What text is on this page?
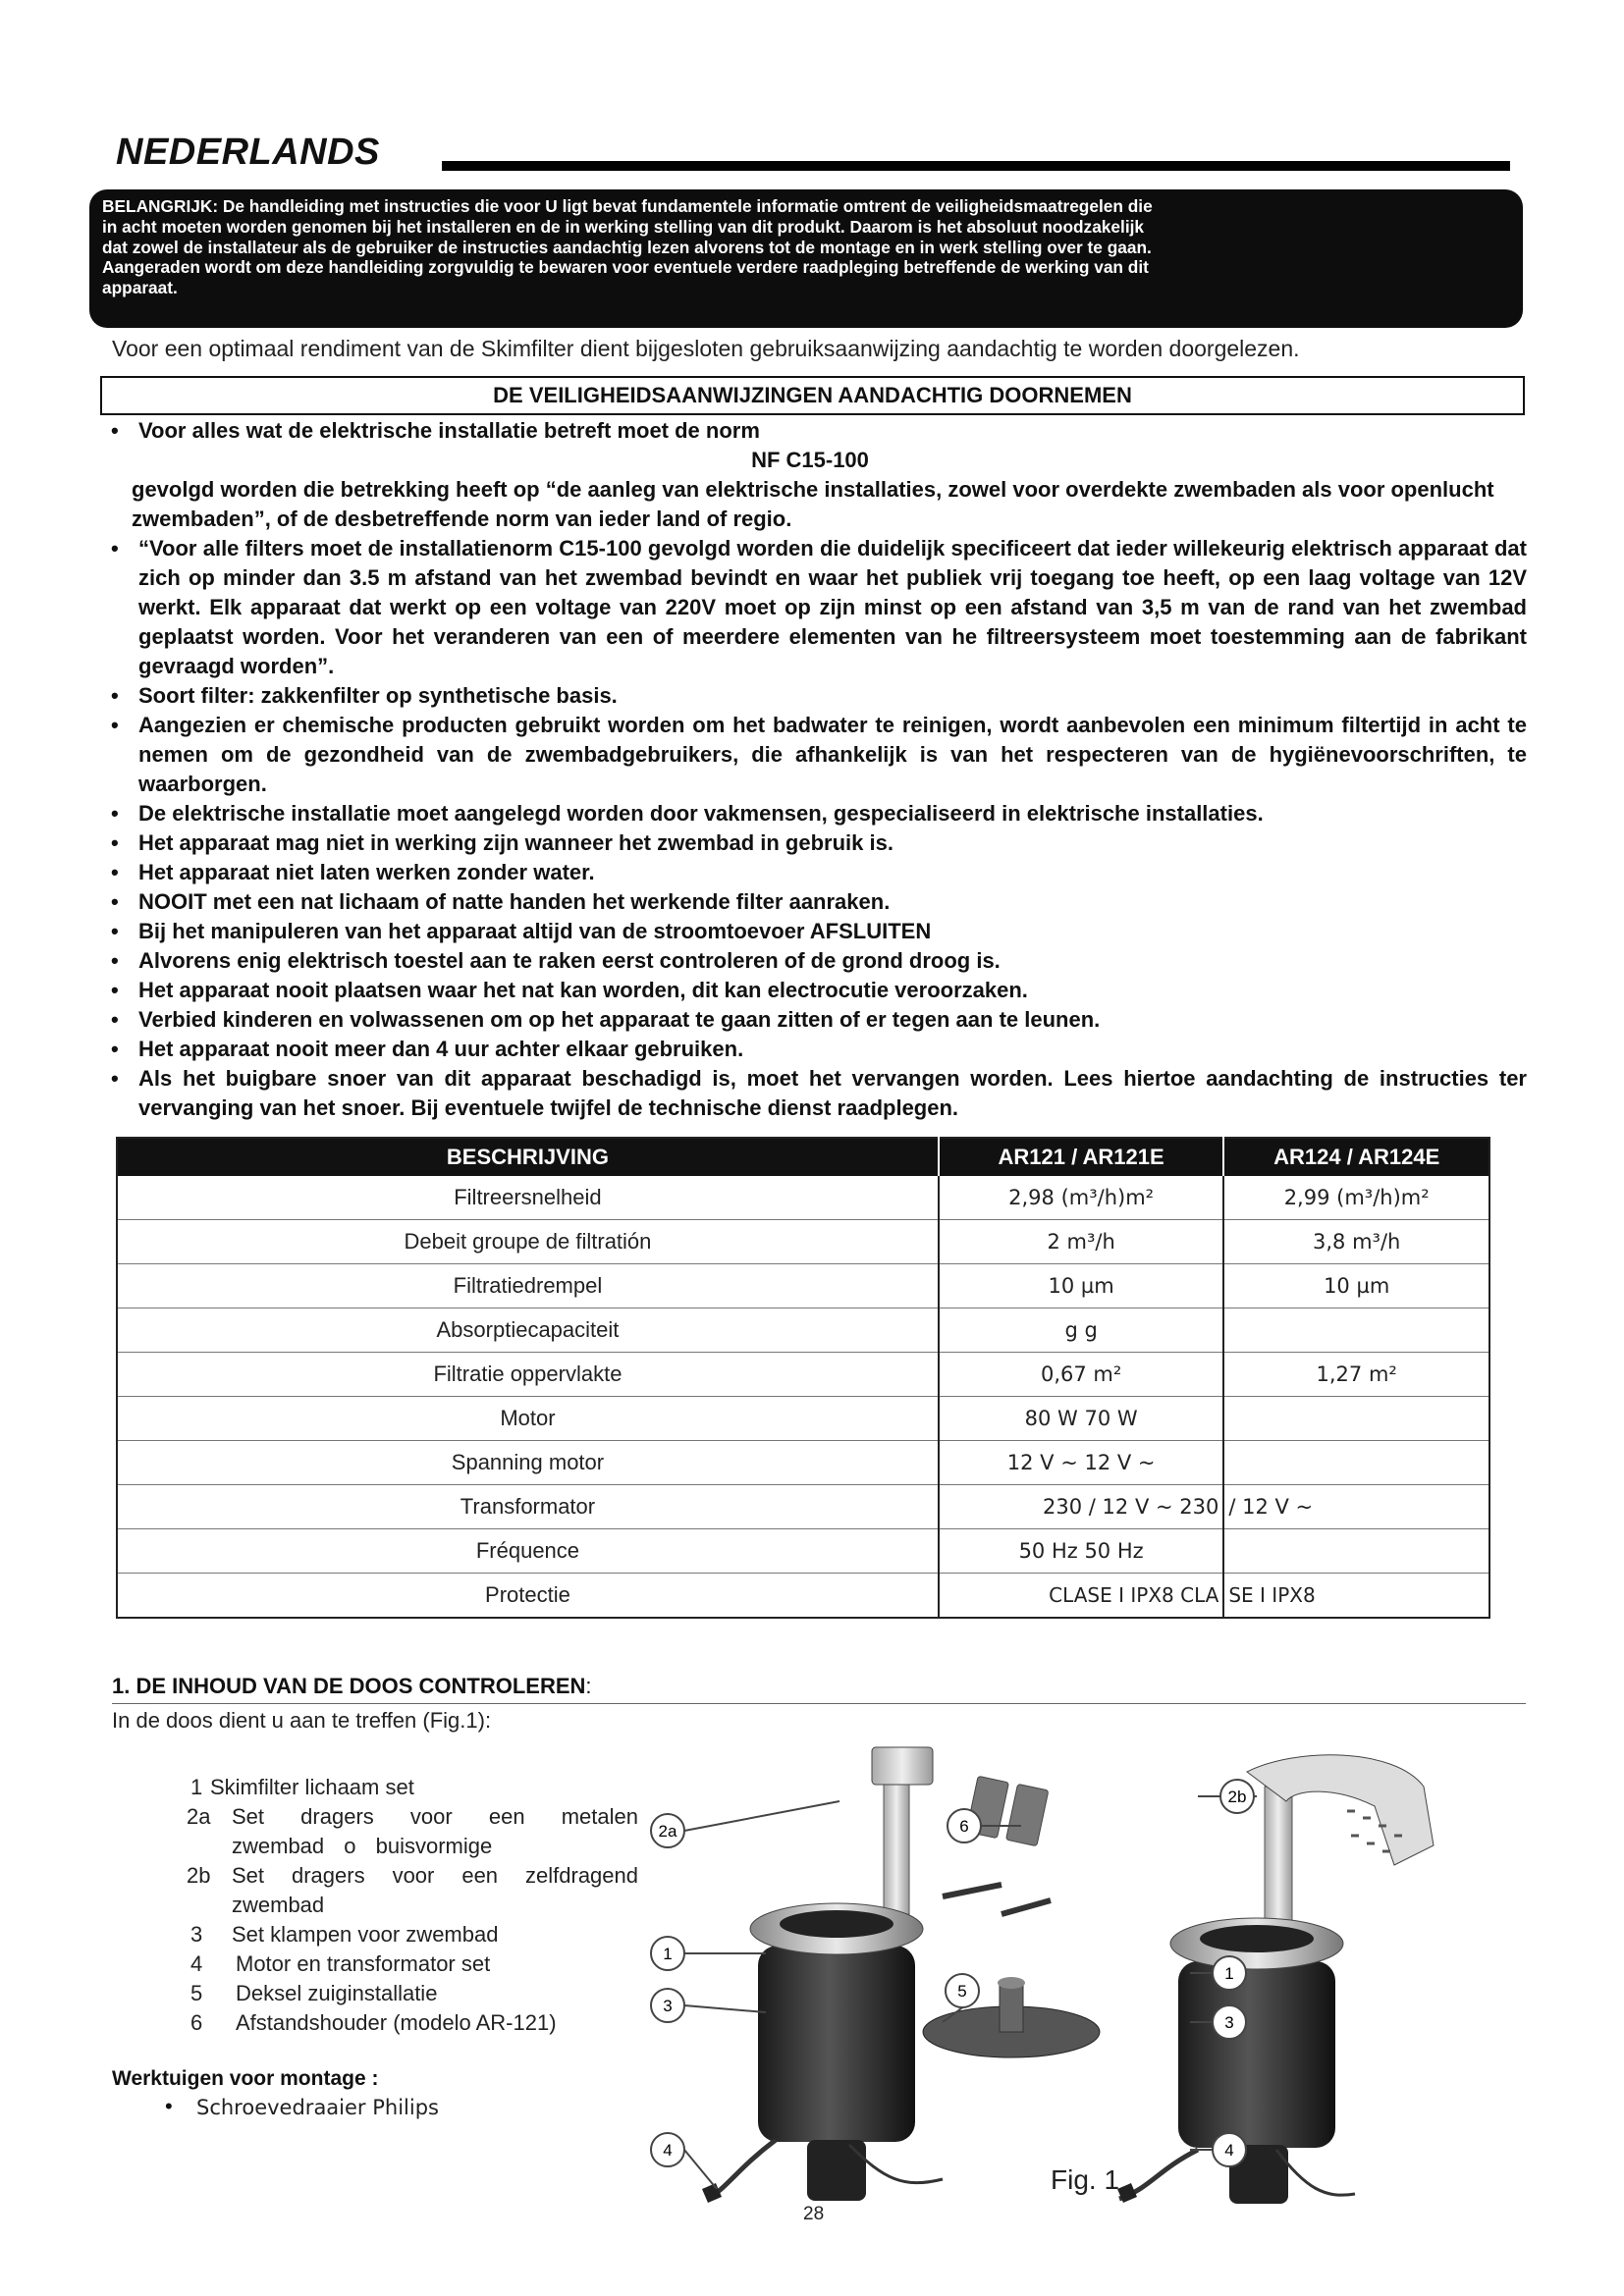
NEDERLANDS
BELANGRIJK: De handleiding met instructies die voor U ligt bevat fundamentele informatie omtrent de veiligheidsmaatregelen die
in acht moeten worden genomen bij het installeren en de in werking stelling van dit produkt. Daarom is het absoluut noodzakelijk
dat zowel de installateur als de gebruiker de instructies aandachtig lezen alvorens tot de montage en in werk stelling over te gaan.
Aangeraden wordt om deze handleiding zorgvuldig te bewaren voor eventuele verdere raadpleging betreffende de werking van dit
apparaat.
Voor een optimaal rendiment van de Skimfilter dient bijgesloten gebruiksaanwijzing aandachtig te worden doorgelezen.
DE VEILIGHEIDSAANWIJZINGEN AANDACHTIG DOORNEMEN
• Voor alles wat de elektrische installatie betreft moet de norm
NF C15-100
gevolgd worden die betrekking heeft op “de aanleg van elektrische installaties, zowel voor overdekte zwembaden als voor openlucht zwembaden”, of de desbetreffende norm van ieder land of regio.
• “Voor alle filters moet de installatienorm C15-100 gevolgd worden die duidelijk specificeert dat ieder willekeurig elektrisch apparaat dat zich op minder dan 3.5 m afstand van het zwembad bevindt en waar het publiek vrij toegang toe heeft, op een laag voltage van 12V werkt. Elk apparaat dat werkt op een voltage van 220V moet op zijn minst op een afstand van 3,5 m van de rand van het zwembad geplaatst worden. Voor het veranderen van een of meerdere elementen van he filtreersysteem moet toestemming aan de fabrikant gevraagd worden”.
• Soort filter: zakkenfilter op synthetische basis.
• Aangezien er chemische producten gebruikt worden om het badwater te reinigen, wordt aanbevolen een minimum filtertijd in acht te nemen om de gezondheid van de zwembadgebruikers, die afhankelijk is van het respecteren van de hygiënevoorschriften, te waarborgen.
• De elektrische installatie moet aangelegd worden door vakmensen, gespecialiseerd in elektrische installaties.
• Het apparaat mag niet in werking zijn wanneer het zwembad in gebruik is.
• Het apparaat niet laten werken zonder water.
• NOOIT met een nat lichaam of natte handen het werkende filter aanraken.
• Bij het manipuleren van het apparaat altijd van de stroomtoevoer AFSLUITEN
• Alvorens enig elektrisch toestel aan te raken eerst controleren of de grond droog is.
• Het apparaat nooit plaatsen waar het nat kan worden, dit kan electrocutie veroorzaken.
• Verbied kinderen en volwassenen om op het apparaat te gaan zitten of er tegen aan te leunen.
• Het apparaat nooit meer dan 4 uur achter elkaar gebruiken.
• Als het buigbare snoer van dit apparaat beschadigd is, moet het vervangen worden. Lees hiertoe aandachting de instructies ter vervanging van het snoer. Bij eventuele twijfel de technische dienst raadplegen.
BESCHRIJVING	AR121 / AR121E	AR124 / AR124E
Filtreersnelheid	2,98 (m³/h)m²	2,99 (m³/h)m²
Debeit groupe de filtratión	2 m³/h	3,8 m³/h
Filtratiedrempel	10 µm	10 µm
Absorptiecapaciteit	g g	
Filtratie oppervlakte	0,67 m²	1,27 m²
Motor	80 W 70 W	
Spanning motor	12 V ~ 12 V ~	
Transformator	230 / 12 V ~ 230	/ 12 V ~
Fréquence	50 Hz 50 Hz	
Protectie	CLASE I IPX8 CLA	SE I IPX8
1. DE INHOUD VAN DE DOOS CONTROLEREN:
In de doos dient u aan te treffen (Fig.1):
1 Skimfilter lichaam set
2a Set dragers voor een metalen zwembad o buisvormige
2b Set dragers voor een zelfdragend zwembad
3	Set klampen voor zwembad
4	Motor en transformator set
5	Deksel zuiginstallatie
6	Afstandshouder (modelo AR-121)
Werktuigen voor montage :
• Schroevedraaier Philips
2a	6
2b
1
5
1
3
3
4	4
Fig. 1
28
